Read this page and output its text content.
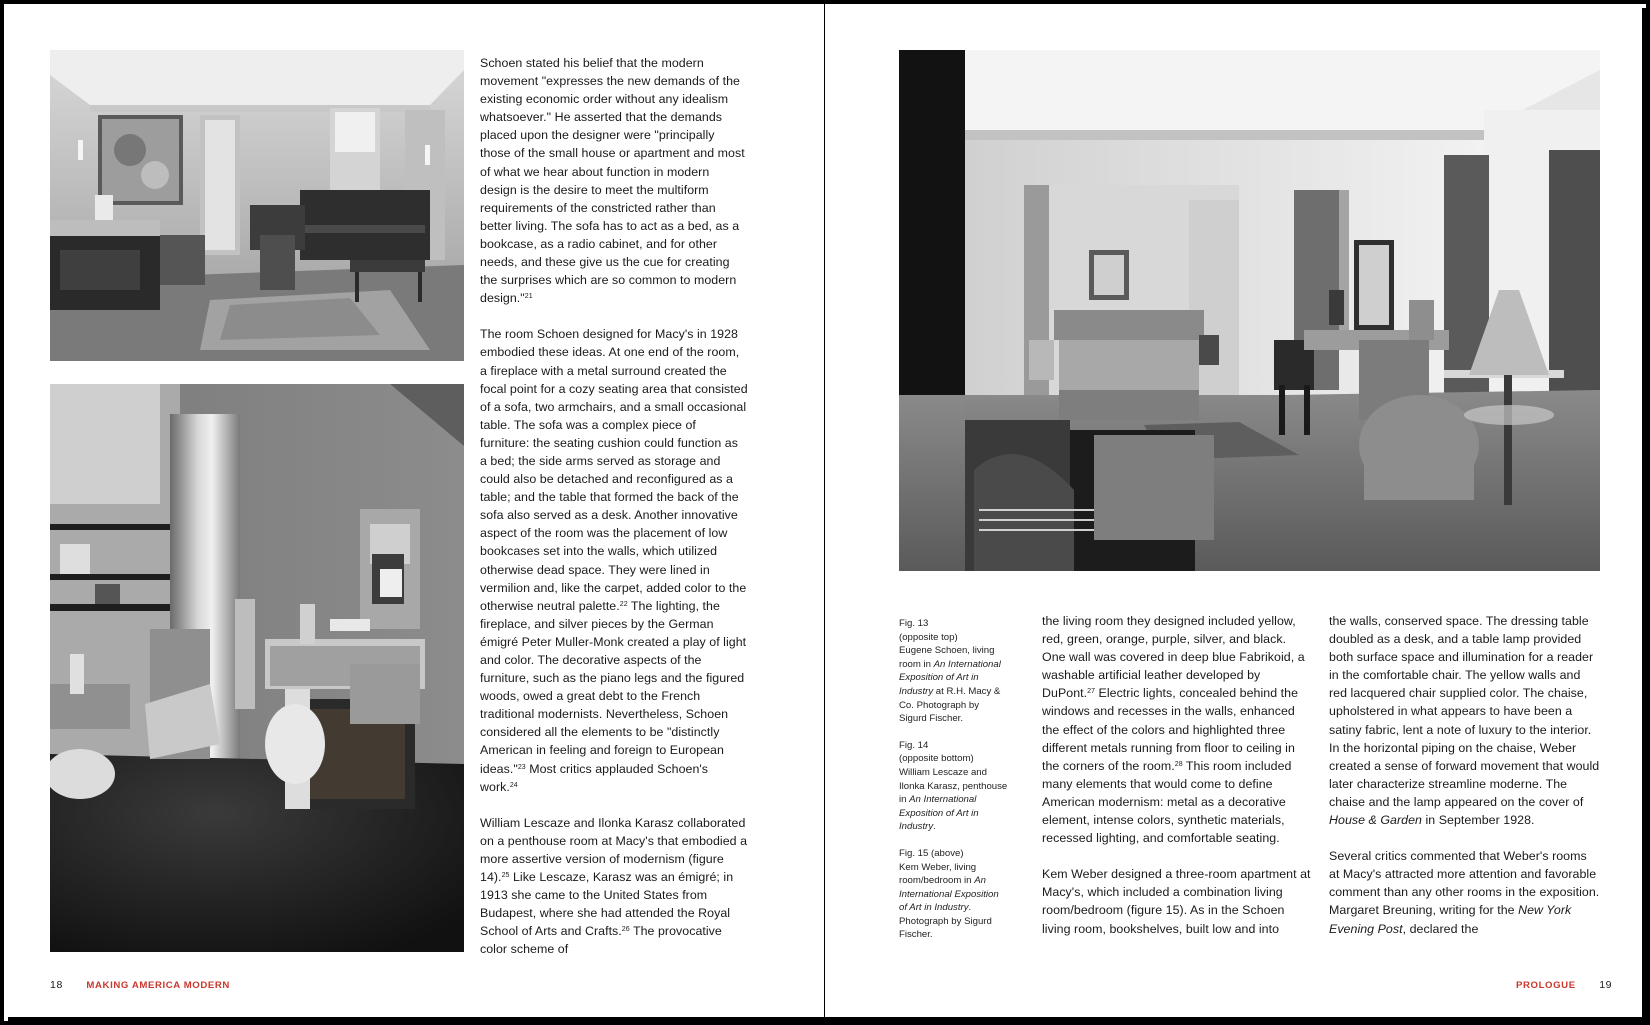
Schoen stated his belief that the modern movement "expresses the new demands of the existing economic order without any idealism whatsoever." He asserted that the demands placed upon the designer were "principally those of the small house or apartment and most of what we hear about function in modern design is the desire to meet the multiform requirements of the constricted rather than better living. The sofa has to act as a bed, as a bookcase, as a radio cabinet, and for other needs, and these give us the cue for creating the surprises which are so common to modern design."$^{21}$

The room Schoen designed for Macy's in 1928 embodied these ideas. At one end of the room, a fireplace with a metal surround created the focal point for a cozy seating area that consisted of a sofa, two armchairs, and a small occasional table. The sofa was a complex piece of furniture: the seating cushion could function as a bed; the side arms served as storage and could also be detached and reconfigured as a table; and the table that formed the back of the sofa also served as a desk. Another innovative aspect of the room was the placement of low bookcases set into the walls, which utilized otherwise dead space. They were lined in vermilion and, like the carpet, added color to the otherwise neutral palette.$^{22}$ The lighting, the fireplace, and silver pieces by the German émigré Peter Muller-Monk created a play of light and color. The decorative aspects of the furniture, such as the piano legs and the figured woods, owed a great debt to the French traditional modernists. Nevertheless, Schoen considered all the elements to be "distinctly American in feeling and foreign to European ideas."$^{23}$ Most critics applauded Schoen's work.$^{24}$

William Lescaze and Ilonka Karasz collaborated on a penthouse room at Macy's that embodied a more assertive version of modernism (figure 14).$^{25}$ Like Lescaze, Karasz was an émigré; in 1913 she came to the United States from Budapest, where she had attended the Royal School of Arts and Crafts.$^{26}$ The provocative color scheme of

Fig. 13
(opposite top)
Eugene Schoen, living room in An International Exposition of Art in Industry at R.H. Macy & Co. Photograph by Sigurd Fischer.
Fig. 14
(opposite bottom)
William Lescaze and Ilonka Karasz, penthouse in An International Exposition of Art in Industry.
Fig. 15 (above)
Kem Weber, living room/bedroom in An International Exposition of Art in Industry. Photograph by Sigurd Fischer.

the living room they designed included yellow, red, green, orange, purple, silver, and black. One wall was covered in deep blue Fabrikoid, a washable artificial leather developed by DuPont.$^{27}$ Electric lights, concealed behind the windows and recesses in the walls, enhanced the effect of the colors and highlighted three different metals running from floor to ceiling in the corners of the room.$^{28}$ This room included many elements that would come to define American modernism: metal as a decorative element, intense colors, synthetic materials, recessed lighting, and comfortable seating.

Kem Weber designed a three-room apartment at Macy's, which included a combination living room/bedroom (figure 15). As in the Schoen living room, bookshelves, built low and into

the walls, conserved space. The dressing table doubled as a desk, and a table lamp provided both surface space and illumination for a reader in the comfortable chair. The yellow walls and red lacquered chair supplied color. The chaise, upholstered in what appears to have been a satiny fabric, lent a note of luxury to the interior. In the horizontal piping on the chaise, Weber created a sense of forward movement that would later characterize streamline moderne. The chaise and the lamp appeared on the cover of House & Garden in September 1928.

Several critics commented that Weber's rooms at Macy's attracted more attention and favorable comment than any other rooms in the exposition. Margaret Breuning, writing for the New York Evening Post, declared the

18 MAKING AMERICA MODERN	PROLOGUE 19
